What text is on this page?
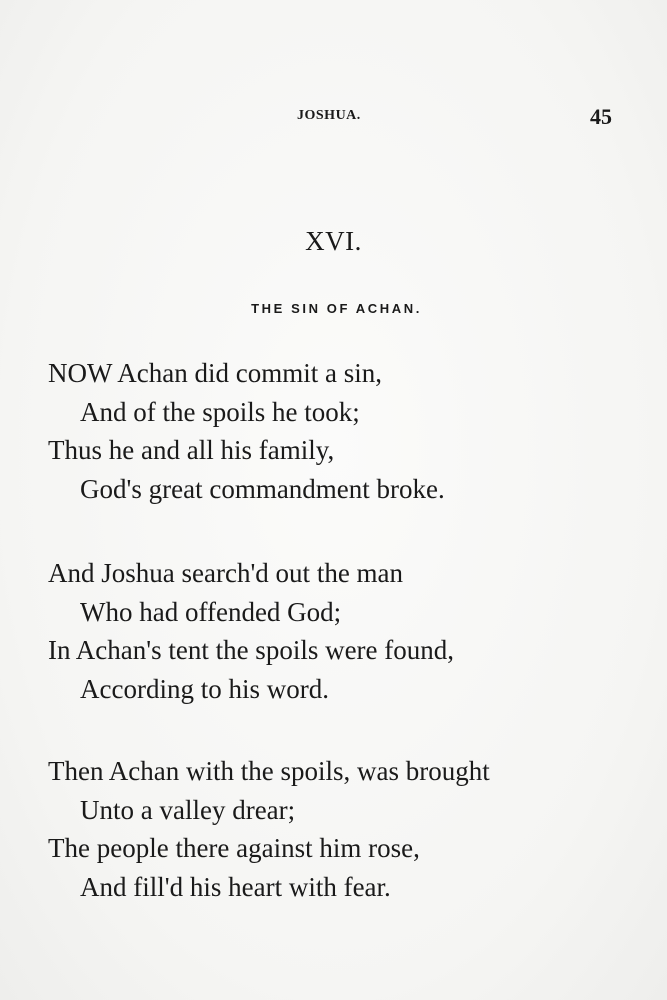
JOSHUA.	45
XVI.
THE SIN OF ACHAN.
NOW Achan did commit a sin,
And of the spoils he took;
Thus he and all his family,
God's great commandment broke.
And Joshua search'd out the man
Who had offended God;
In Achan's tent the spoils were found,
According to his word.
Then Achan with the spoils, was brought
Unto a valley drear;
The people there against him rose,
And fill'd his heart with fear.
